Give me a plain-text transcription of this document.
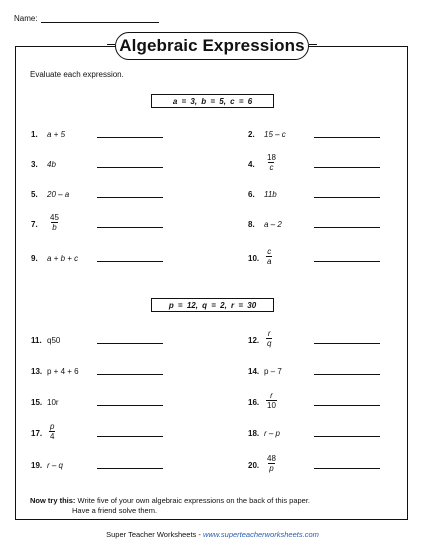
Name:
Algebraic Expressions
Evaluate each expression.
a = 3, b = 5, c = 6
p = 12, q = 2, r = 30
1. a + 5	2. 15 – c
3. 4b	4. $\frac{18}{c}$
5. 20 – a	6. 11b
7. $\frac{45}{b}$	8. a – 2
9. a + b + c	10. $\frac{c}{a}$
11. q50	12. $\frac{r}{q}$
13. p + 4 + 6	14. p – 7
15. 10r	16. $\frac{r}{10}$
17. $\frac{p}{4}$	18. r – p
19. r – q	20. $\frac{48}{p}$
Now try this: Write five of your own algebraic expressions on the back of this paper.
Have a friend solve them.
Super Teacher Worksheets - www.superteacherworksheets.com
